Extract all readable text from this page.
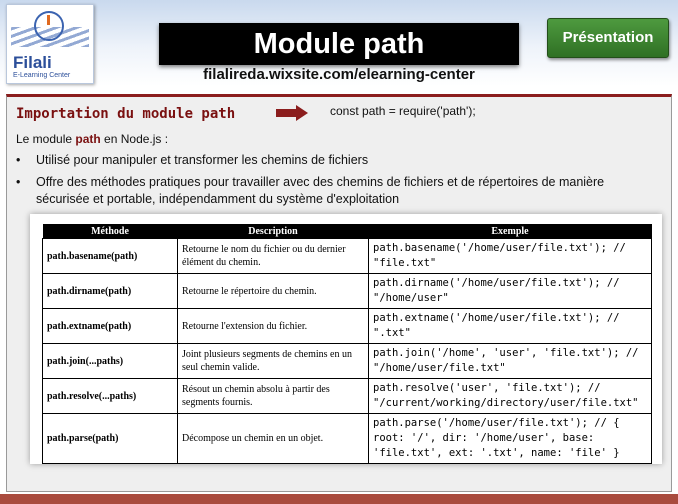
Filali
E-Learning Center
Module path
filalireda.wixsite.com/elearning-center
Présentation
Importation du module path	const path = require('path');
Le module path en Node.js :
• Utilisé pour manipuler et transformer les chemins de fichiers
• Offre des méthodes pratiques pour travailler avec des chemins de fichiers et de répertoires de manière sécurisée et portable, indépendamment du système d'exploitation
Méthode	Description	Exemple
path.basename(path)	Retourne le nom du fichier ou du dernier élément du chemin.	path.basename('/home/user/file.txt'); // "file.txt"
path.dirname(path)	Retourne le répertoire du chemin.	path.dirname('/home/user/file.txt'); // "/home/user"
path.extname(path)	Retourne l'extension du fichier.	path.extname('/home/user/file.txt'); // ".txt"
path.join(...paths)	Joint plusieurs segments de chemins en un seul chemin valide.	path.join('/home', 'user', 'file.txt'); // "/home/user/file.txt"
path.resolve(...paths)	Résout un chemin absolu à partir des segments fournis.	path.resolve('user', 'file.txt'); // "/current/working/directory/user/file.txt"
path.parse(path)	Décompose un chemin en un objet.	path.parse('/home/user/file.txt'); // { root: '/', dir: '/home/user', base: 'file.txt', ext: '.txt', name: 'file' }
